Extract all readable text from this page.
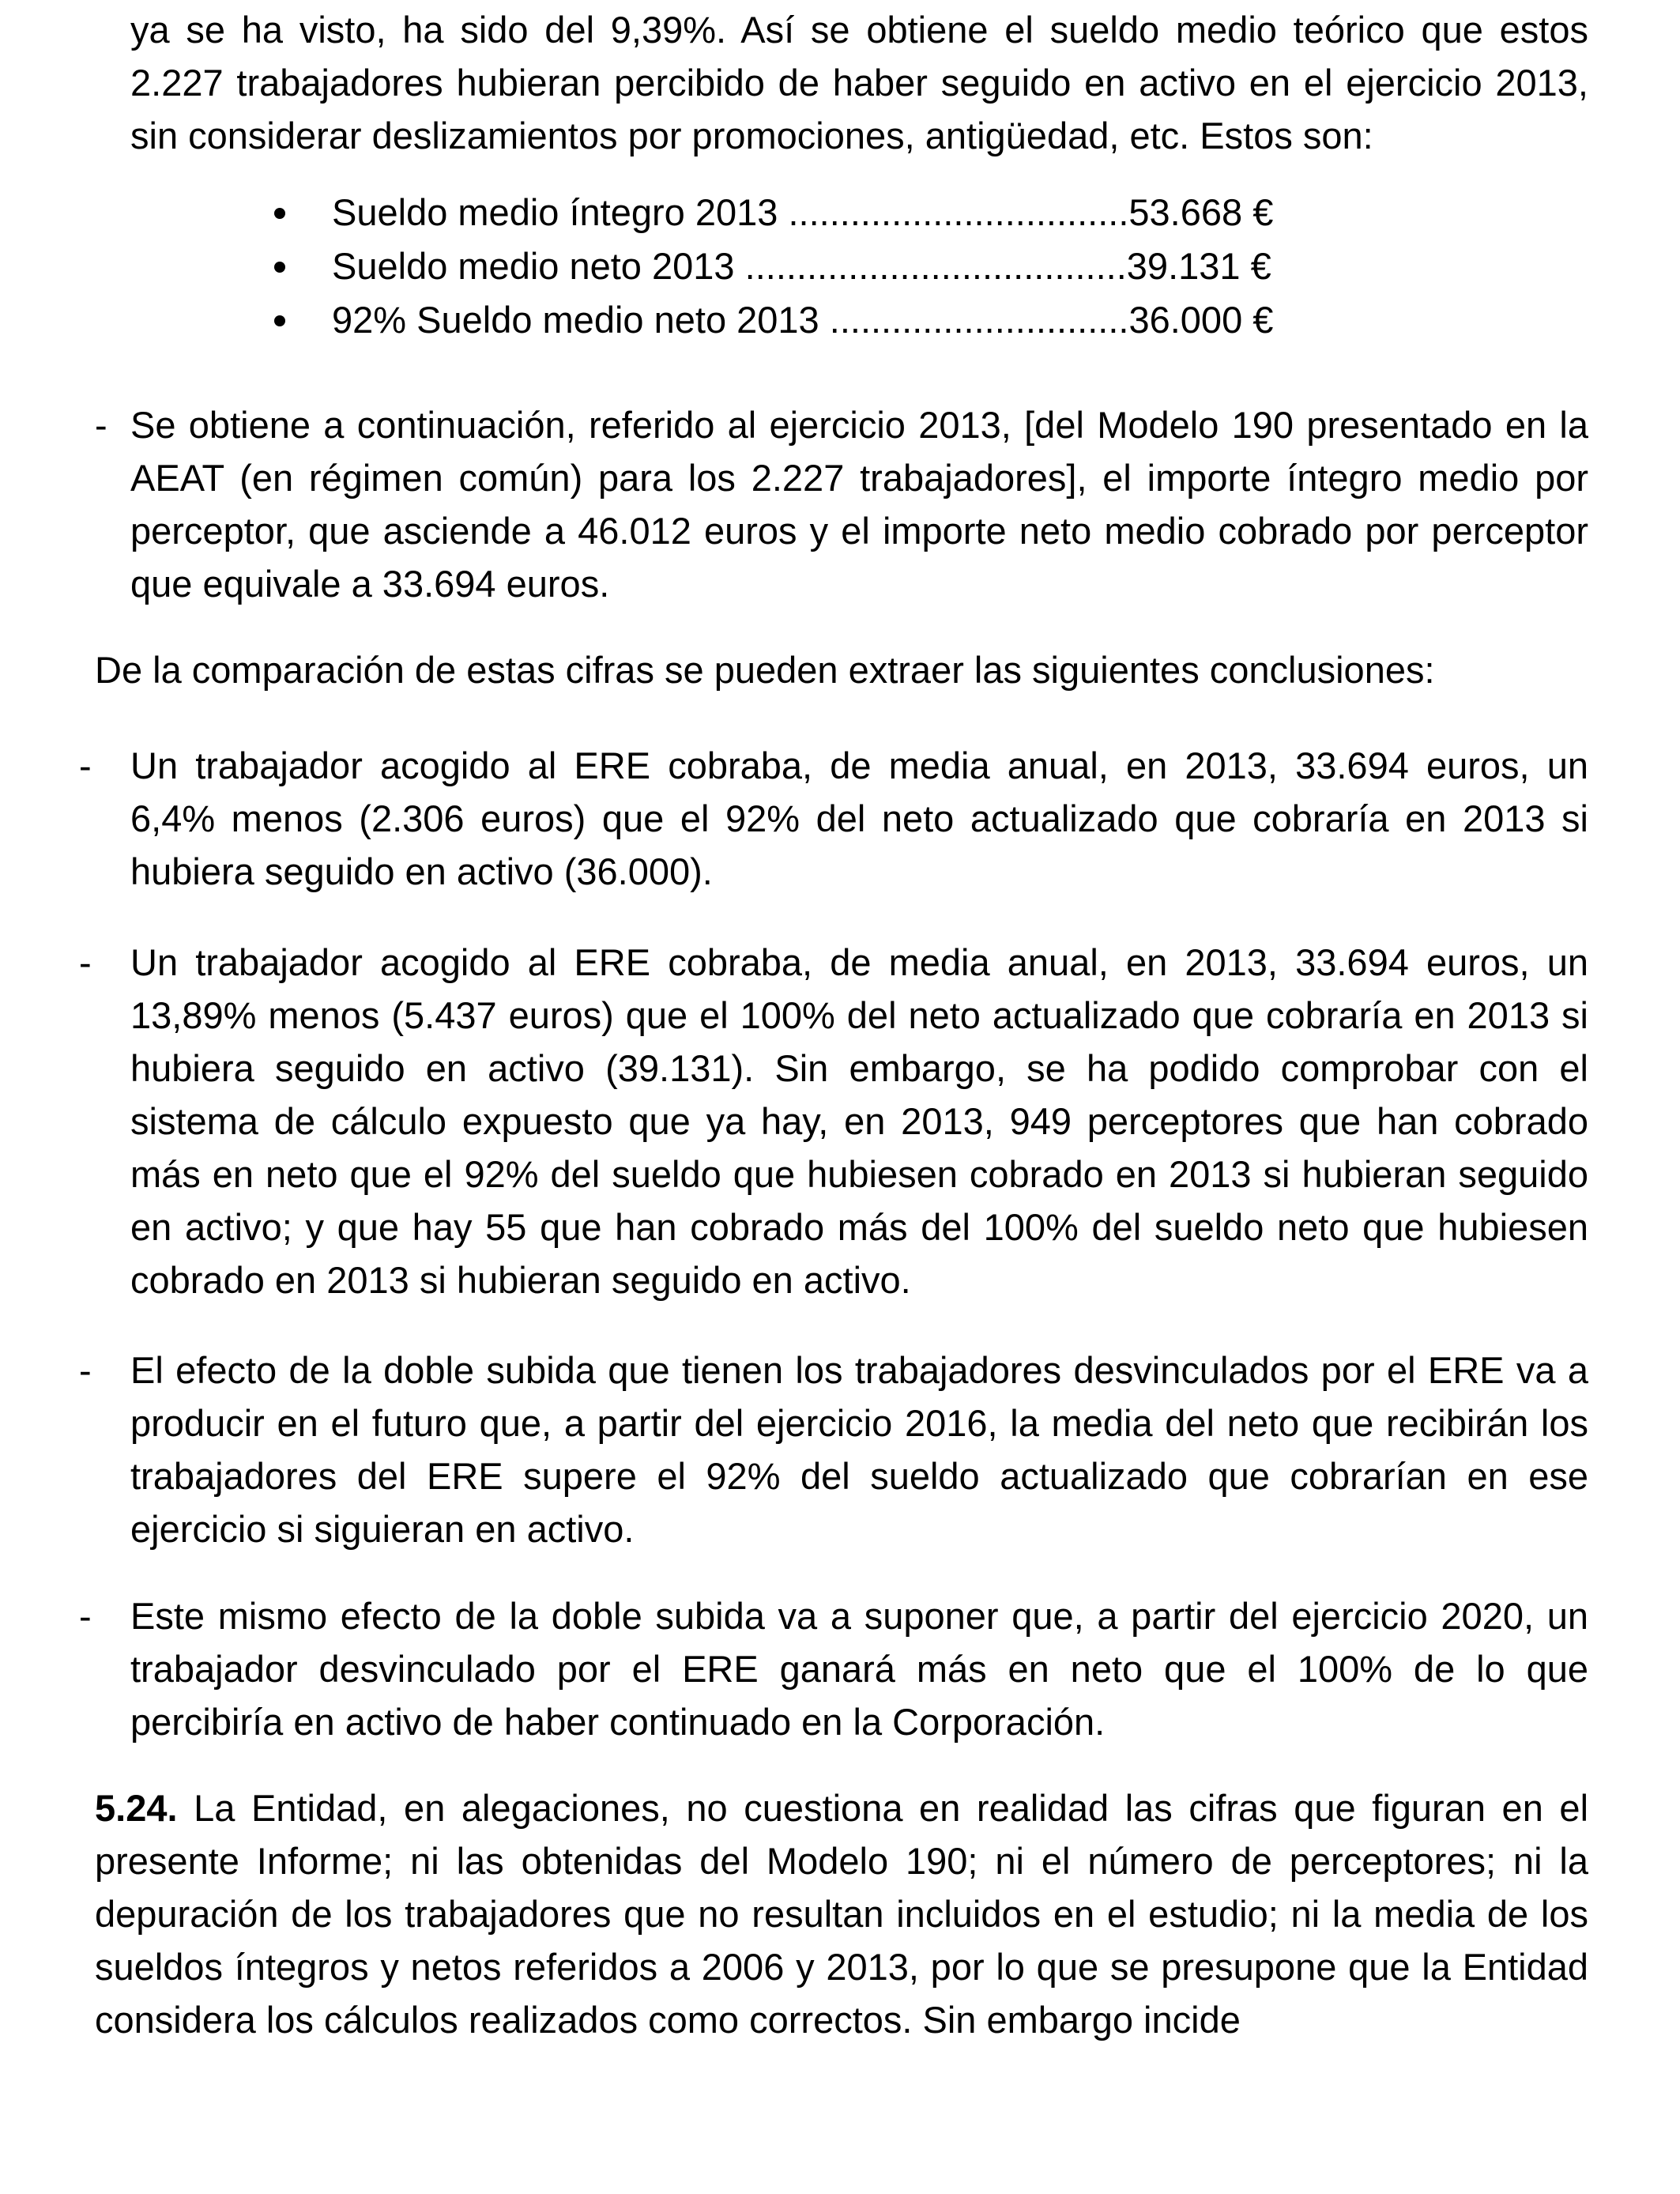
ya se ha visto, ha sido del 9,39%. Así se obtiene el sueldo medio teórico que estos 2.227 trabajadores hubieran percibido de haber seguido en activo en el ejercicio 2013, sin considerar deslizamientos por promociones, antigüedad, etc. Estos son:

Sueldo medio íntegro 2013 .................................53.668 €
Sueldo medio neto 2013 .....................................39.131 €
92% Sueldo medio neto 2013 .............................36.000 €
- Se obtiene a continuación, referido al ejercicio 2013, [del Modelo 190 presentado en la AEAT (en régimen común) para los 2.227 trabajadores], el importe íntegro medio por perceptor, que asciende a 46.012 euros y el importe neto medio cobrado por perceptor que equivale a 33.694 euros.

De la comparación de estas cifras se pueden extraer las siguientes conclusiones:

- Un trabajador acogido al ERE cobraba, de media anual, en 2013, 33.694 euros, un 6,4% menos (2.306 euros) que el 92% del neto actualizado que cobraría en 2013 si hubiera seguido en activo (36.000).
- Un trabajador acogido al ERE cobraba, de media anual, en 2013, 33.694 euros, un 13,89% menos (5.437 euros) que el 100% del neto actualizado que cobraría en 2013 si hubiera seguido en activo (39.131). Sin embargo, se ha podido comprobar con el sistema de cálculo expuesto que ya hay, en 2013, 949 perceptores que han cobrado más en neto que el 92% del sueldo que hubiesen cobrado en 2013 si hubieran seguido en activo; y que hay 55 que han cobrado más del 100% del sueldo neto que hubiesen cobrado en 2013 si hubieran seguido en activo.
- El efecto de la doble subida que tienen los trabajadores desvinculados por el ERE va a producir en el futuro que, a partir del ejercicio 2016, la media del neto que recibirán los trabajadores del ERE supere el 92% del sueldo actualizado que cobrarían en ese ejercicio si siguieran en activo.
- Este mismo efecto de la doble subida va a suponer que, a partir del ejercicio 2020, un trabajador desvinculado por el ERE ganará más en neto que el 100% de lo que percibiría en activo de haber continuado en la Corporación.

5.24. La Entidad, en alegaciones, no cuestiona en realidad las cifras que figuran en el presente Informe; ni las obtenidas del Modelo 190; ni el número de perceptores; ni la depuración de los trabajadores que no resultan incluidos en el estudio; ni la media de los sueldos íntegros y netos referidos a 2006 y 2013, por lo que se presupone que la Entidad considera los cálculos realizados como correctos. Sin embargo incide
